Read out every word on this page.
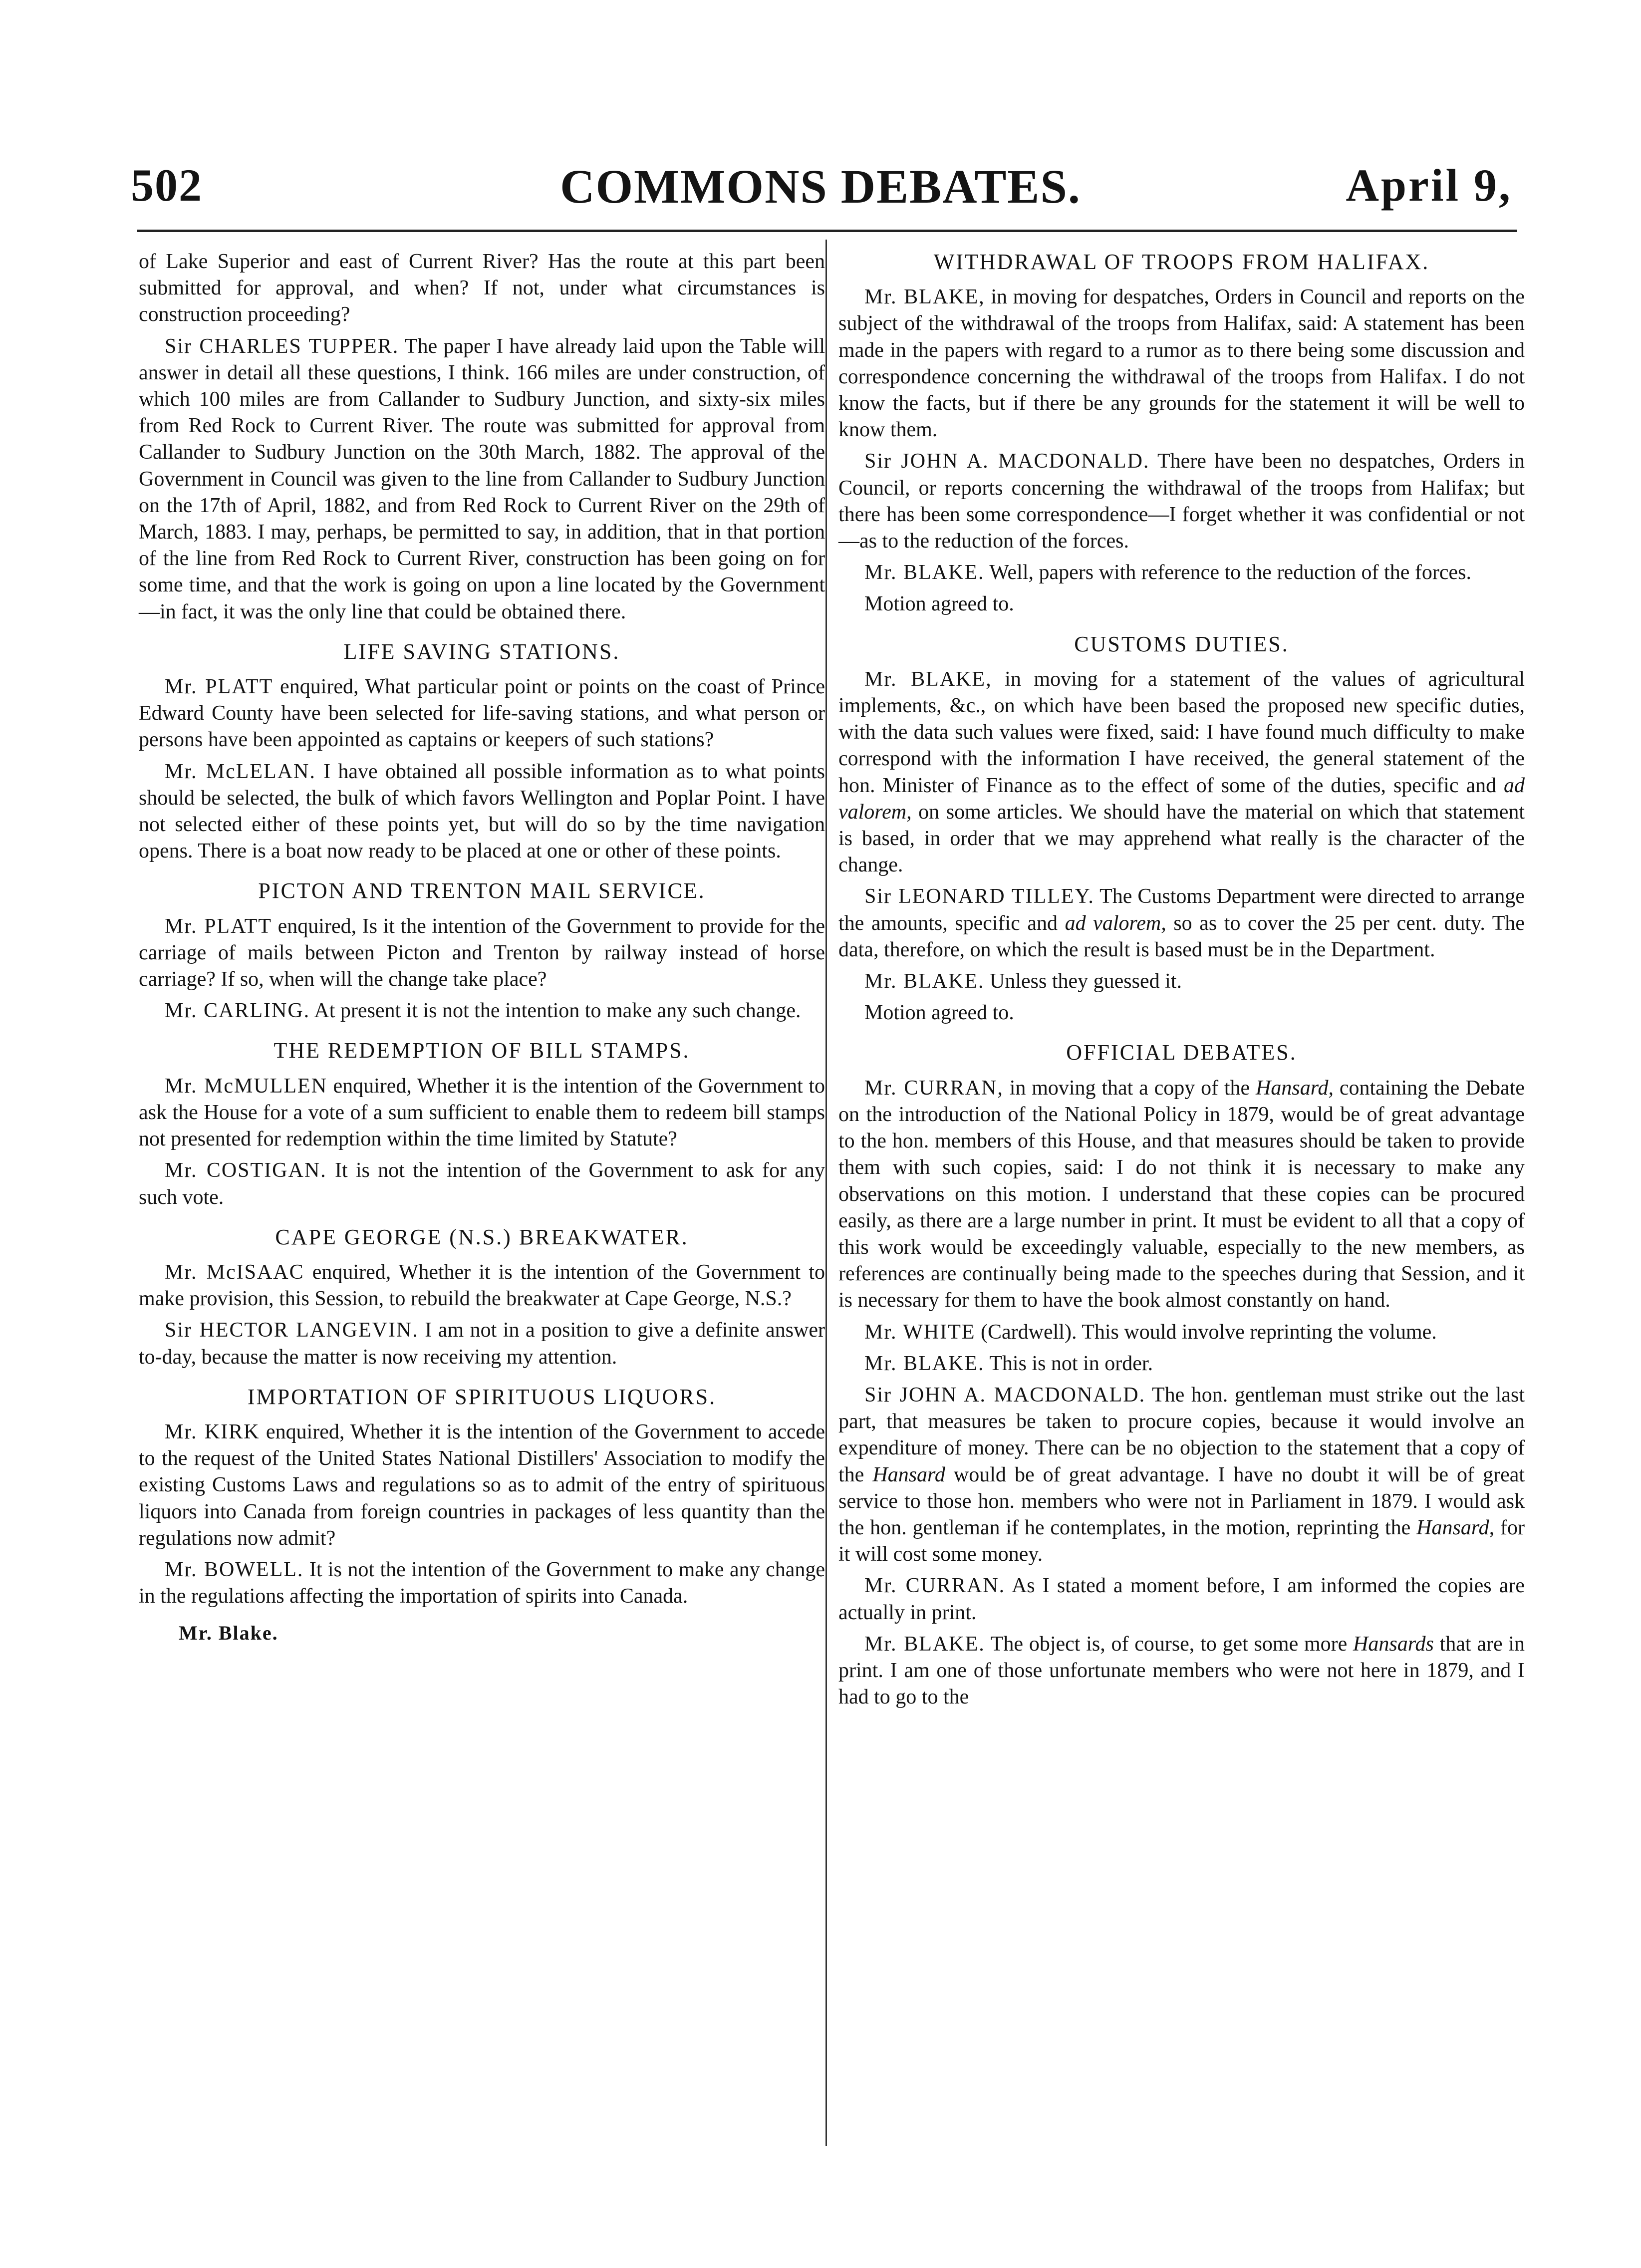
502	COMMONS DEBATES.	April 9,

of Lake Superior and east of Current River? Has the route at this part been submitted for approval, and when? If not, under what circumstances is construction proceeding?

Sir CHARLES TUPPER. The paper I have already laid upon the Table will answer in detail all these questions, I think. 166 miles are under construction, of which 100 miles are from Callander to Sudbury Junction, and sixty-six miles from Red Rock to Current River. The route was submitted for approval from Callander to Sudbury Junction on the 30th March, 1882. The approval of the Government in Council was given to the line from Callander to Sudbury Junction on the 17th of April, 1882, and from Red Rock to Current River on the 29th of March, 1883. I may, perhaps, be permitted to say, in addition, that in that portion of the line from Red Rock to Current River, construction has been going on for some time, and that the work is going on upon a line located by the Government—in fact, it was the only line that could be obtained there.

LIFE SAVING STATIONS.

Mr. PLATT enquired, What particular point or points on the coast of Prince Edward County have been selected for life-saving stations, and what person or persons have been appointed as captains or keepers of such stations?

Mr. McLELAN. I have obtained all possible information as to what points should be selected, the bulk of which favors Wellington and Poplar Point. I have not selected either of these points yet, but will do so by the time navigation opens. There is a boat now ready to be placed at one or other of these points.

PICTON AND TRENTON MAIL SERVICE.

Mr. PLATT enquired, Is it the intention of the Government to provide for the carriage of mails between Picton and Trenton by railway instead of horse carriage? If so, when will the change take place?

Mr. CARLING. At present it is not the intention to make any such change.

THE REDEMPTION OF BILL STAMPS.

Mr. McMULLEN enquired, Whether it is the intention of the Government to ask the House for a vote of a sum sufficient to enable them to redeem bill stamps not presented for redemption within the time limited by Statute?

Mr. COSTIGAN. It is not the intention of the Government to ask for any such vote.

CAPE GEORGE (N.S.) BREAKWATER.

Mr. McISAAC enquired, Whether it is the intention of the Government to make provision, this Session, to rebuild the breakwater at Cape George, N.S.?

Sir HECTOR LANGEVIN. I am not in a position to give a definite answer to-day, because the matter is now receiving my attention.

IMPORTATION OF SPIRITUOUS LIQUORS.

Mr. KIRK enquired, Whether it is the intention of the Government to accede to the request of the United States National Distillers' Association to modify the existing Customs Laws and regulations so as to admit of the entry of spirituous liquors into Canada from foreign countries in packages of less quantity than the regulations now admit?

Mr. BOWELL. It is not the intention of the Government to make any change in the regulations affecting the importation of spirits into Canada.

Mr. Blake.
WITHDRAWAL OF TROOPS FROM HALIFAX.

Mr. BLAKE, in moving for despatches, Orders in Council and reports on the subject of the withdrawal of the troops from Halifax, said: A statement has been made in the papers with regard to a rumor as to there being some discussion and correspondence concerning the withdrawal of the troops from Halifax. I do not know the facts, but if there be any grounds for the statement it will be well to know them.

Sir JOHN A. MACDONALD. There have been no despatches, Orders in Council, or reports concerning the withdrawal of the troops from Halifax; but there has been some correspondence—I forget whether it was confidential or not—as to the reduction of the forces.

Mr. BLAKE. Well, papers with reference to the reduction of the forces.

Motion agreed to.

CUSTOMS DUTIES.

Mr. BLAKE, in moving for a statement of the values of agricultural implements, &c., on which have been based the proposed new specific duties, with the data such values were fixed, said: I have found much difficulty to make correspond with the information I have received, the general statement of the hon. Minister of Finance as to the effect of some of the duties, specific and ad valorem, on some articles. We should have the material on which that statement is based, in order that we may apprehend what really is the character of the change.

Sir LEONARD TILLEY. The Customs Department were directed to arrange the amounts, specific and ad valorem, so as to cover the 25 per cent. duty. The data, therefore, on which the result is based must be in the Department.

Mr. BLAKE. Unless they guessed it.

Motion agreed to.

OFFICIAL DEBATES.

Mr. CURRAN, in moving that a copy of the Hansard, containing the Debate on the introduction of the National Policy in 1879, would be of great advantage to the hon. members of this House, and that measures should be taken to provide them with such copies, said: I do not think it is necessary to make any observations on this motion. I understand that these copies can be procured easily, as there are a large number in print. It must be evident to all that a copy of this work would be exceedingly valuable, especially to the new members, as references are continually being made to the speeches during that Session, and it is necessary for them to have the book almost constantly on hand.

Mr. WHITE (Cardwell). This would involve reprinting the volume.

Mr. BLAKE. This is not in order.

Sir JOHN A. MACDONALD. The hon. gentleman must strike out the last part, that measures be taken to procure copies, because it would involve an expenditure of money. There can be no objection to the statement that a copy of the Hansard would be of great advantage. I have no doubt it will be of great service to those hon. members who were not in Parliament in 1879. I would ask the hon. gentleman if he contemplates, in the motion, reprinting the Hansard, for it will cost some money.

Mr. CURRAN. As I stated a moment before, I am informed the copies are actually in print.

Mr. BLAKE. The object is, of course, to get some more Hansards that are in print. I am one of those unfortunate members who were not here in 1879, and I had to go to the
